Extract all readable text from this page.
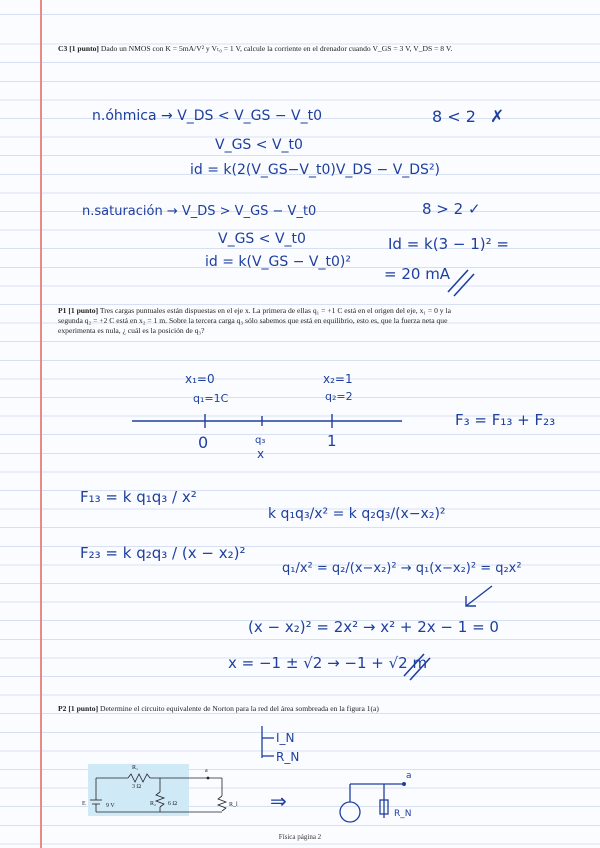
C3 [1 punto] Dado un NMOS con K = 5mA/V² y Vₜ₀ = 1 V, calcule la corriente en el drenador cuando V_GS = 3 V, V_DS = 8 V.
P1 [1 punto] Tres cargas puntuales están dispuestas en el eje x. La primera de ellas q₁ = +1 C está en el origen del eje, x₁ = 0 y la segunda q₂ = +2 C está en x₂ = 1 m. Sobre la tercera carga q₃ sólo sabemos que está en equilibrio, esto es, que la fuerza neta que experimenta es nula, ¿ cuál es la posición de q₃?
P2 [1 punto] Determine el circuito equivalente de Norton para la red del área sombreada en la figura 1(a)
R₁
3 Ω
R₂ 6 Ω
E	9 V
a
R_l
n.óhmica → V_DS < V_GS − V_t0	8 < 2 ✗
V_GS < V_t0
id = k(2(V_GS−V_t0)V_DS − V_DS²)
n.saturación → V_DS > V_GS − V_t0	8 > 2 ✓
V_GS < V_t0
id = k(V_GS − V_t0)²
Id = k(3 − 1)² =
= 20 mA
x₁=0
q₁=1C
x₂=1
q₂=2
0	1
q₃
x
F₃ = F₁₃ + F₂₃
F₁₃ = k q₁q₃ / x²
F₂₃ = k q₂q₃ / (x − x₂)²
k q₁q₃/x² = k q₂q₃/(x−x₂)²
q₁/x² = q₂/(x−x₂)² → q₁(x−x₂)² = q₂x²
(x − x₂)² = 2x² → x² + 2x − 1 = 0
x = −1 ± √2 → −1 + √2 m
I_N
R_N
⇒
a
R_N
Física página 2
